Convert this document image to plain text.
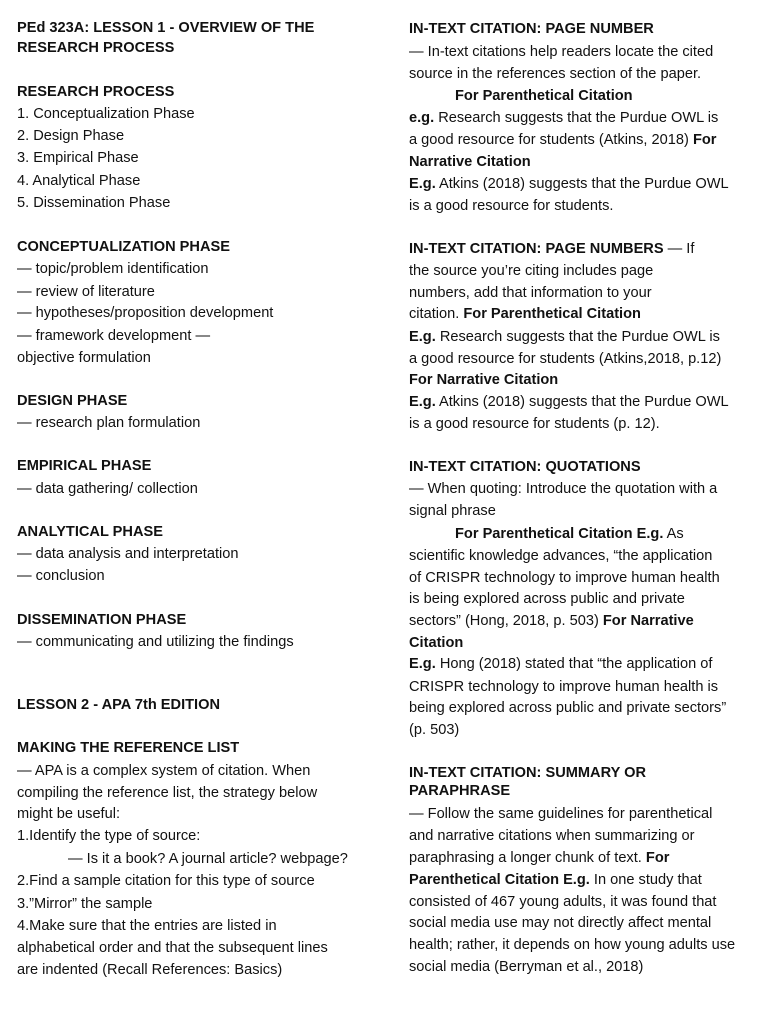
PEd 323A: LESSON 1 - OVERVIEW OF THE
RESEARCH PROCESS
RESEARCH PROCESS
1. Conceptualization Phase
2. Design Phase
3. Empirical Phase
4. Analytical Phase
5. Dissemination Phase
CONCEPTUALIZATION PHASE
— topic/problem identification
— review of literature
— hypotheses/proposition development
— framework development —
objective formulation
DESIGN PHASE
— research plan formulation
EMPIRICAL PHASE
— data gathering/ collection
ANALYTICAL PHASE
— data analysis and interpretation
— conclusion
DISSEMINATION PHASE
— communicating and utilizing the findings
LESSON 2 - APA 7th EDITION
MAKING THE REFERENCE LIST
— APA is a complex system of citation. When
compiling the reference list, the strategy below
might be useful:
1.Identify the type of source:
— Is it a book? A journal article? webpage?
2.Find a sample citation for this type of source
3.”Mirror” the sample
4.Make sure that the entries are listed in
alphabetical order and that the subsequent lines
are indented (Recall References: Basics)
IN-TEXT CITATION: PAGE NUMBER
— In-text citations help readers locate the cited
source in the references section of the paper.
For Parenthetical Citation
e.g. Research suggests that the Purdue OWL is
a good resource for students (Atkins, 2018) For
Narrative Citation
E.g. Atkins (2018) suggests that the Purdue OWL
is a good resource for students.
IN-TEXT CITATION: PAGE NUMBERS — If
the source you’re citing includes page
numbers, add that information to your
citation. For Parenthetical Citation
E.g. Research suggests that the Purdue OWL is
a good resource for students (Atkins,2018, p.12)
For Narrative Citation
E.g. Atkins (2018) suggests that the Purdue OWL
is a good resource for students (p. 12).
IN-TEXT CITATION: QUOTATIONS
— When quoting: Introduce the quotation with a
signal phrase
For Parenthetical Citation E.g. As
scientific knowledge advances, “the application
of CRISPR technology to improve human health
is being explored across public and private
sectors” (Hong, 2018, p. 503) For Narrative
Citation
E.g. Hong (2018) stated that “the application of
CRISPR technology to improve human health is
being explored across public and private sectors”
(p. 503)
IN-TEXT CITATION: SUMMARY OR
PARAPHRASE
— Follow the same guidelines for parenthetical
and narrative citations when summarizing or
paraphrasing a longer chunk of text. For
Parenthetical Citation E.g. In one study that
consisted of 467 young adults, it was found that
social media use may not directly affect mental
health; rather, it depends on how young adults use
social media (Berryman et al., 2018)
